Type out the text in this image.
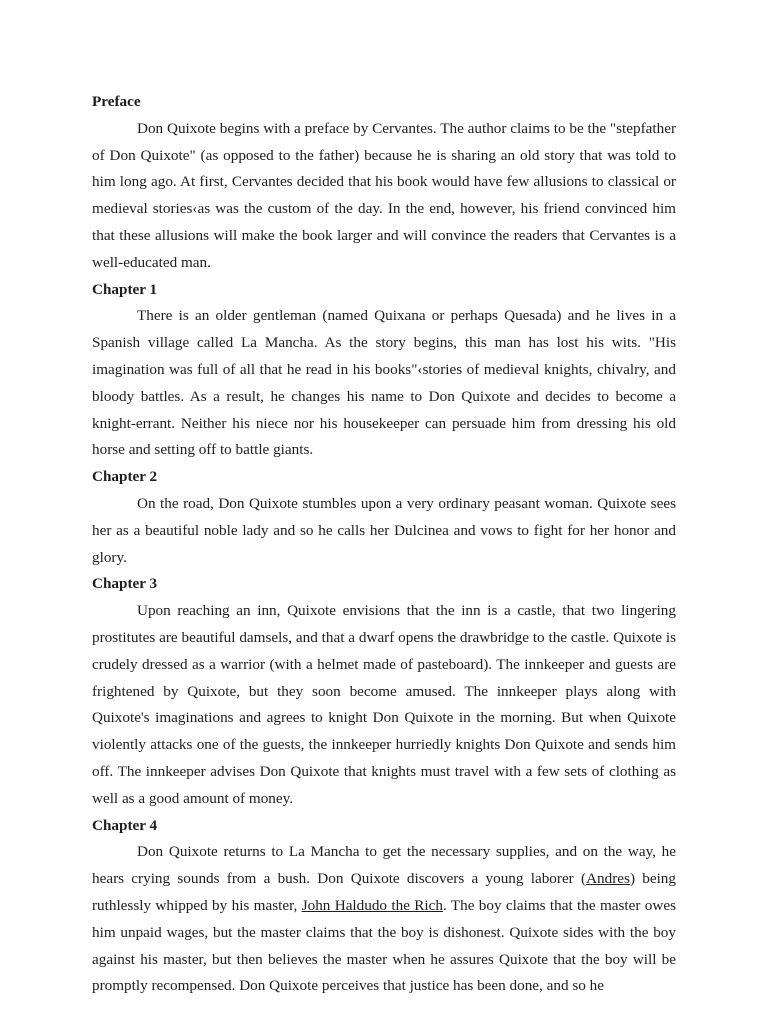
Preface

Don Quixote begins with a preface by Cervantes. The author claims to be the "stepfather of Don Quixote" (as opposed to the father) because he is sharing an old story that was told to him long ago. At first, Cervantes decided that his book would have few allusions to classical or medieval stories‹as was the custom of the day. In the end, however, his friend convinced him that these allusions will make the book larger and will convince the readers that Cervantes is a well-educated man.

Chapter 1

There is an older gentleman (named Quixana or perhaps Quesada) and he lives in a Spanish village called La Mancha. As the story begins, this man has lost his wits. "His imagination was full of all that he read in his books"‹stories of medieval knights, chivalry, and bloody battles. As a result, he changes his name to Don Quixote and decides to become a knight-errant. Neither his niece nor his housekeeper can persuade him from dressing his old horse and setting off to battle giants.

Chapter 2

On the road, Don Quixote stumbles upon a very ordinary peasant woman. Quixote sees her as a beautiful noble lady and so he calls her Dulcinea and vows to fight for her honor and glory.

Chapter 3

Upon reaching an inn, Quixote envisions that the inn is a castle, that two lingering prostitutes are beautiful damsels, and that a dwarf opens the drawbridge to the castle. Quixote is crudely dressed as a warrior (with a helmet made of pasteboard). The innkeeper and guests are frightened by Quixote, but they soon become amused. The innkeeper plays along with Quixote's imaginations and agrees to knight Don Quixote in the morning. But when Quixote violently attacks one of the guests, the innkeeper hurriedly knights Don Quixote and sends him off. The innkeeper advises Don Quixote that knights must travel with a few sets of clothing as well as a good amount of money.

Chapter 4

Don Quixote returns to La Mancha to get the necessary supplies, and on the way, he hears crying sounds from a bush. Don Quixote discovers a young laborer (Andres) being ruthlessly whipped by his master, John Haldudo the Rich. The boy claims that the master owes him unpaid wages, but the master claims that the boy is dishonest. Quixote sides with the boy against his master, but then believes the master when he assures Quixote that the boy will be promptly recompensed. Don Quixote perceives that justice has been done, and so he
